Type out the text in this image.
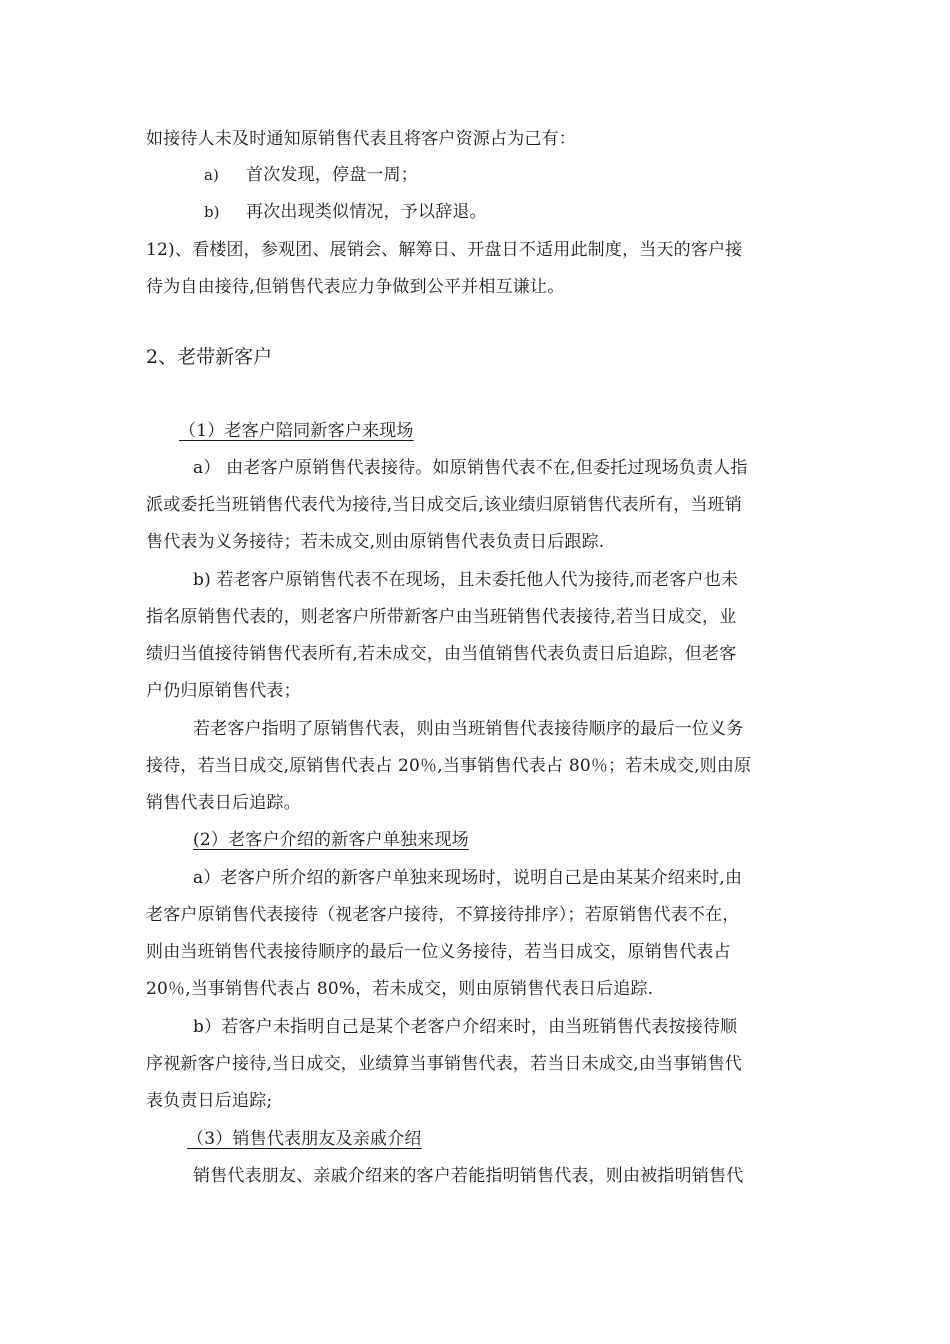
如接待人未及时通知原销售代表且将客户资源占为己有：
a) 首次发现，停盘一周；
b) 再次出现类似情况，予以辞退。
12)、看楼团，参观团、展销会、解筹日、开盘日不适用此制度，当天的客户接
待为自由接待,但销售代表应力争做到公平并相互谦让。
2、老带新客户
（1）老客户陪同新客户来现场
a） 由老客户原销售代表接待。如原销售代表不在,但委托过现场负责人指
派或委托当班销售代表代为接待,当日成交后,该业绩归原销售代表所有，当班销
售代表为义务接待；若未成交,则由原销售代表负责日后跟踪.
b) 若老客户原销售代表不在现场，且未委托他人代为接待,而老客户也未
指名原销售代表的，则老客户所带新客户由当班销售代表接待,若当日成交，业
绩归当值接待销售代表所有,若未成交，由当值销售代表负责日后追踪，但老客
户仍归原销售代表；
若老客户指明了原销售代表，则由当班销售代表接待顺序的最后一位义务
接待，若当日成交,原销售代表占 20％,当事销售代表占 80％；若未成交,则由原
销售代表日后追踪。
(2）老客户介绍的新客户单独来现场
a）老客户所介绍的新客户单独来现场时，说明自己是由某某介绍来时,由
老客户原销售代表接待（视老客户接待，不算接待排序）；若原销售代表不在，
则由当班销售代表接待顺序的最后一位义务接待，若当日成交，原销售代表占
20％,当事销售代表占 80%，若未成交，则由原销售代表日后追踪.
b）若客户未指明自己是某个老客户介绍来时，由当班销售代表按接待顺
序视新客户接待,当日成交，业绩算当事销售代表，若当日未成交,由当事销售代
表负责日后追踪;
（3）销售代表朋友及亲戚介绍
销售代表朋友、亲戚介绍来的客户若能指明销售代表，则由被指明销售代
